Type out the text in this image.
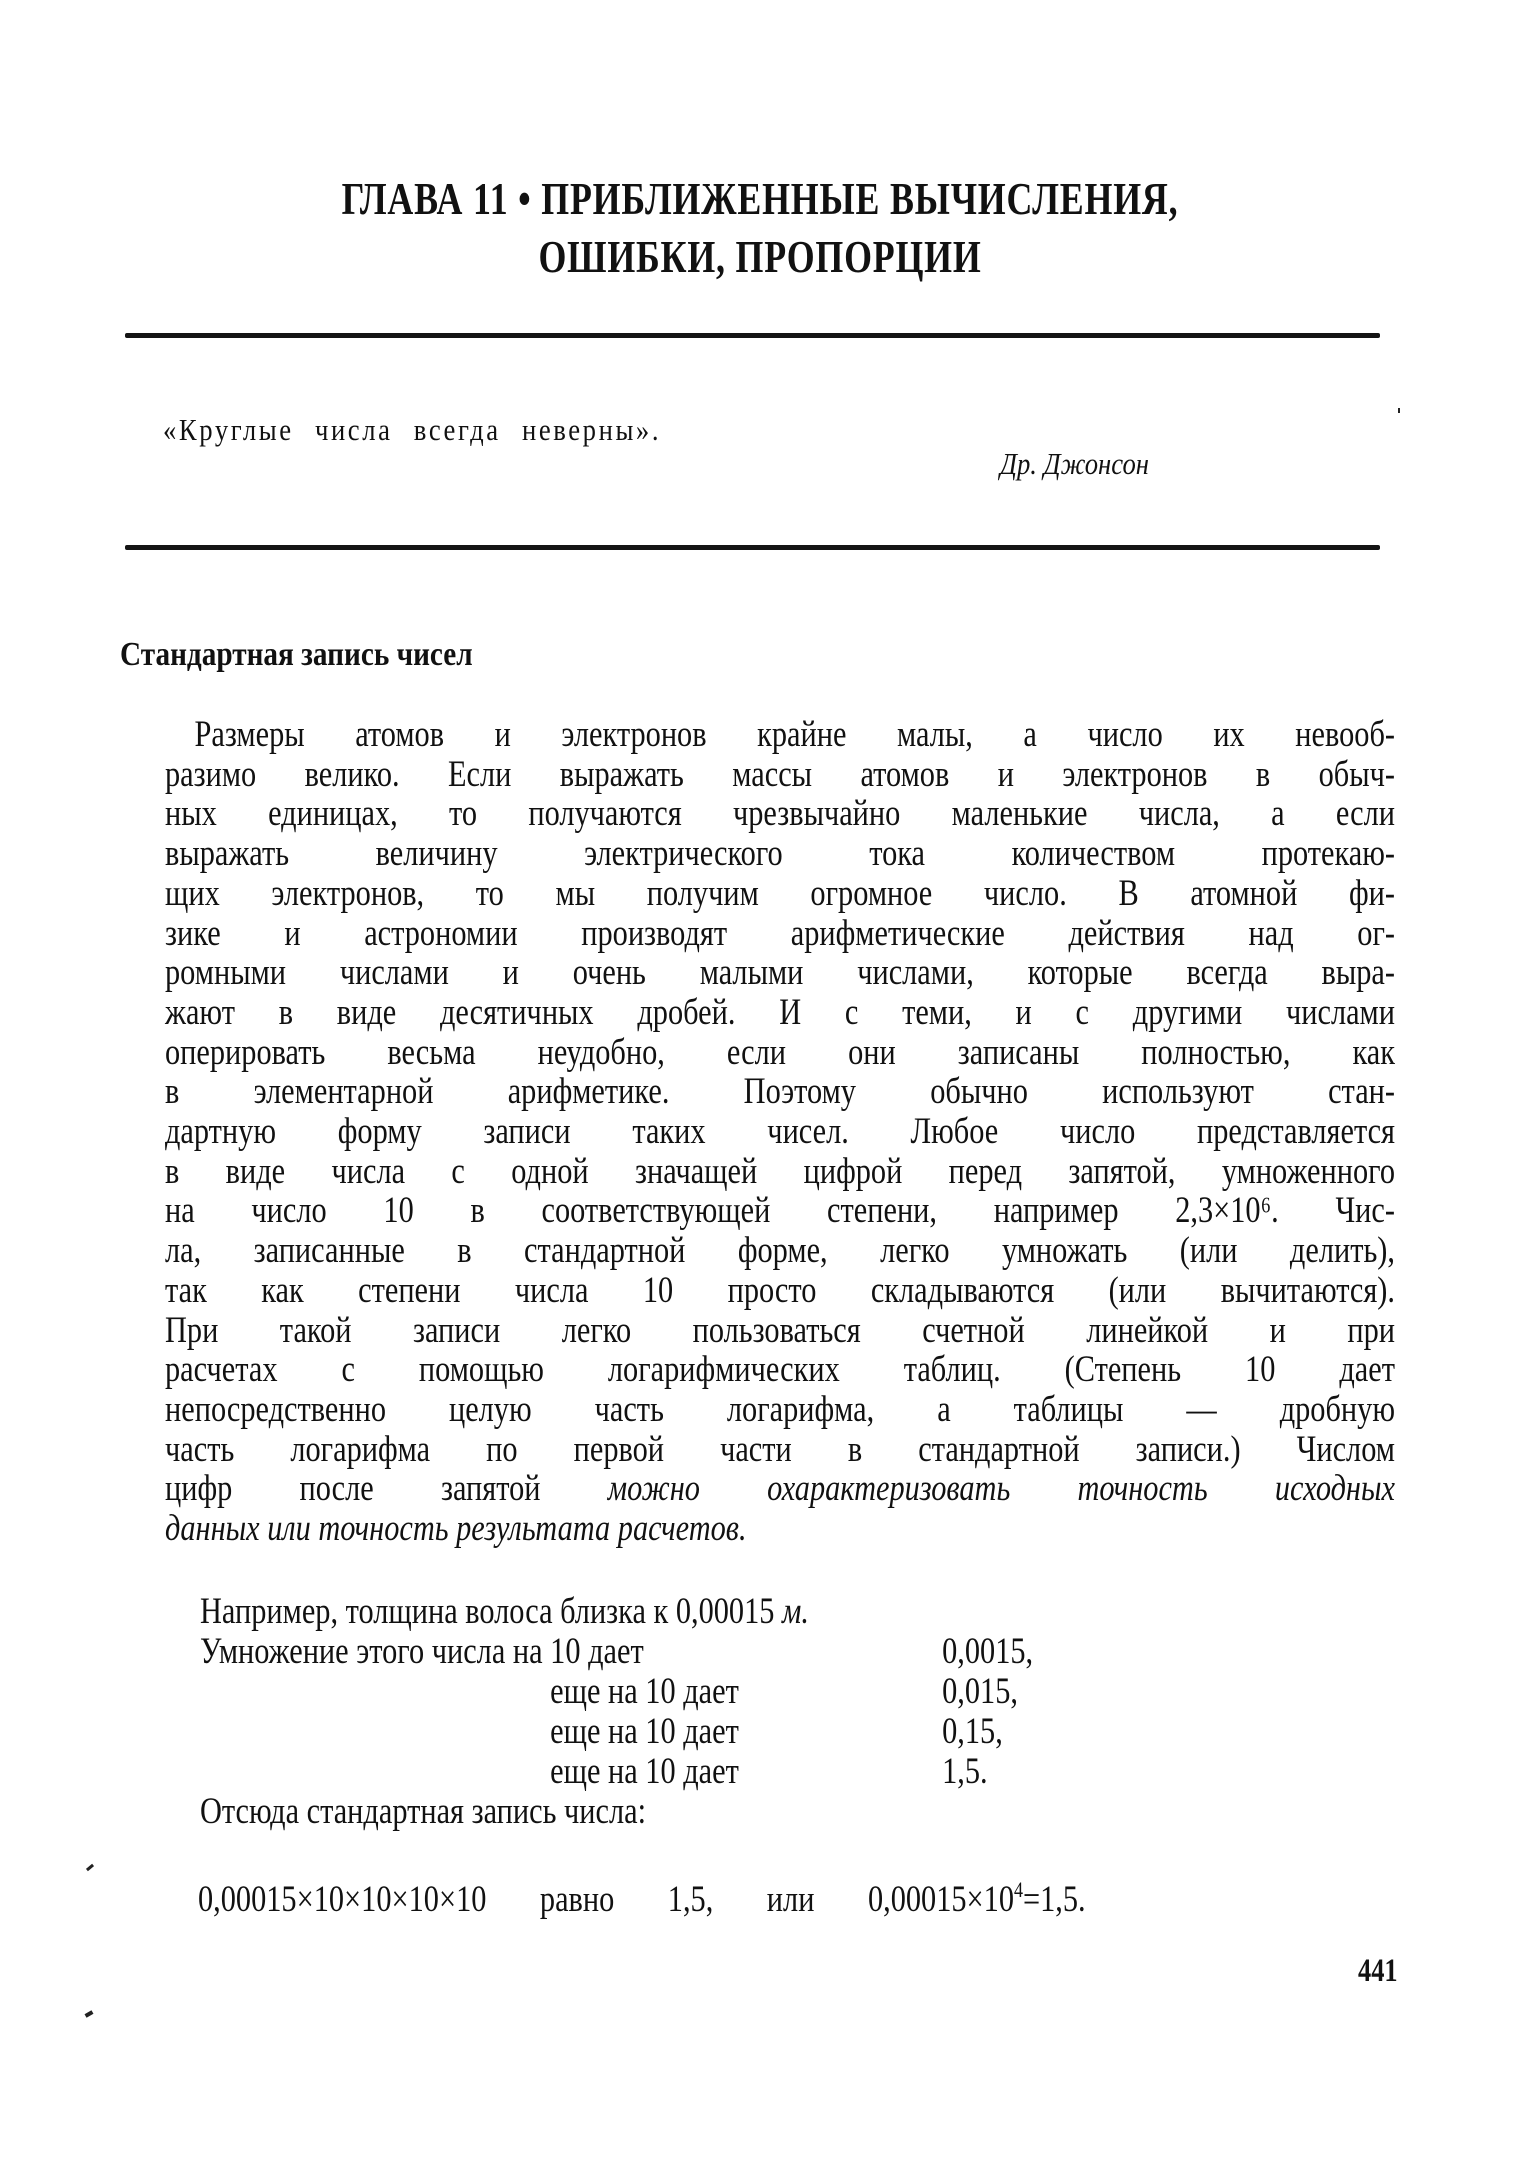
ГЛАВА 11 • ПРИБЛИЖЕННЫЕ ВЫЧИСЛЕНИЯ,
ОШИБКИ, ПРОПОРЦИИ
«Круглые числа всегда неверны».
Др. Джонсон
Стандартная запись чисел
Размеры атомов и электронов крайне малы, а число их невооб-
разимо велико. Если выражать массы атомов и электронов в обыч-
ных единицах, то получаются чрезвычайно маленькие числа, а если
выражать величину электрического тока количеством протекаю-
щих электронов, то мы получим огромное число. В атомной фи-
зике и астрономии производят арифметические действия над ог-
ромными числами и очень малыми числами, которые всегда выра-
жают в виде десятичных дробей. И с теми, и с другими числами
оперировать весьма неудобно, если они записаны полностью, как
в элементарной арифметике. Поэтому обычно используют стан-
дартную форму записи таких чисел. Любое число представляется
в виде числа с одной значащей цифрой перед запятой, умноженного
на число 10 в соответствующей степени, например 2,3×10⁶. Чис-
ла, записанные в стандартной форме, легко умножать (или делить),
так как степени числа 10 просто складываются (или вычитаются).
При такой записи легко пользоваться счетной линейкой и при
расчетах с помощью логарифмических таблиц. (Степень 10 дает
непосредственно целую часть логарифма, а таблицы — дробную
часть логарифма по первой части в стандартной записи.) Числом
цифр после запятой можно охарактеризовать точность исходных
данных или точность результата расчетов.
Например, толщина волоса близка к 0,00015 м.
Умножение этого числа на 10 дает	0,0015,
еще на 10 дает	0,015,
еще на 10 дает	0,15,
еще на 10 дает	1,5.
Отсюда стандартная запись числа:
0,00015×10×10×10×10 равно 1,5, или $0,00015\times 10^4=1,5$.
441
